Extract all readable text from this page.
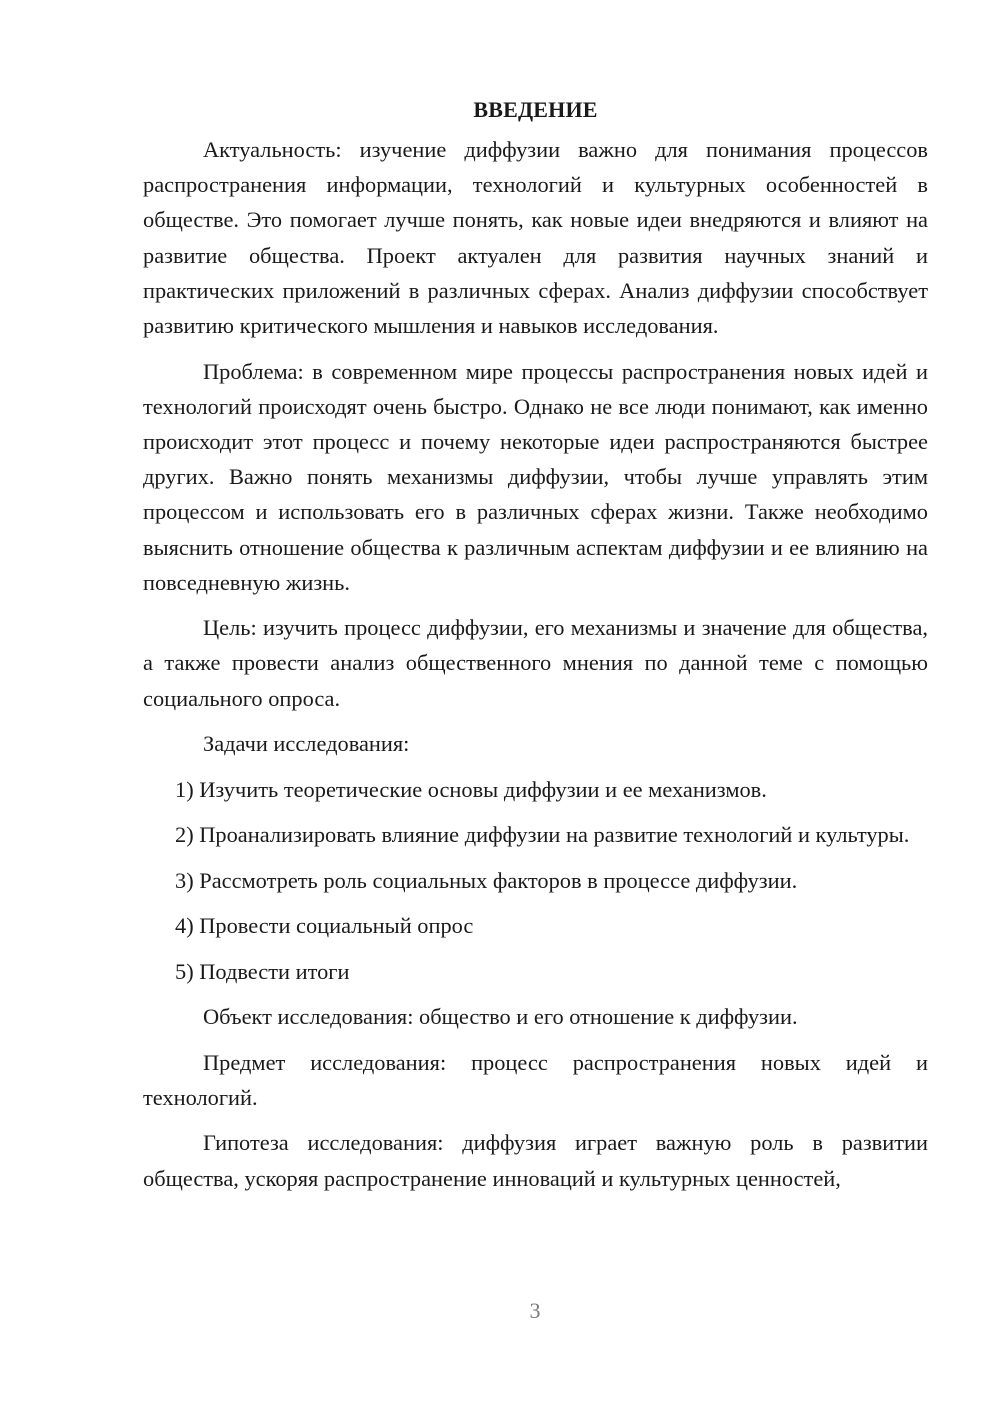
ВВЕДЕНИЕ

Актуальность: изучение диффузии важно для понимания процессов распространения информации, технологий и культурных особенностей в обществе. Это помогает лучше понять, как новые идеи внедряются и влияют на развитие общества. Проект актуален для развития научных знаний и практических приложений в различных сферах. Анализ диффузии способствует развитию критического мышления и навыков исследования.

Проблема: в современном мире процессы распространения новых идей и технологий происходят очень быстро. Однако не все люди понимают, как именно происходит этот процесс и почему некоторые идеи распространяются быстрее других. Важно понять механизмы диффузии, чтобы лучше управлять этим процессом и использовать его в различных сферах жизни. Также необходимо выяснить отношение общества к различным аспектам диффузии и ее влиянию на повседневную жизнь.

Цель: изучить процесс диффузии, его механизмы и значение для общества, а также провести анализ общественного мнения по данной теме с помощью социального опроса.

Задачи исследования:

1) Изучить теоретические основы диффузии и ее механизмов.

2) Проанализировать влияние диффузии на развитие технологий и культуры.

3) Рассмотреть роль социальных факторов в процессе диффузии.

4) Провести социальный опрос

5) Подвести итоги

Объект исследования: общество и его отношение к диффузии.

Предмет исследования: процесс распространения новых идей и технологий.

Гипотеза исследования: диффузия играет важную роль в развитии общества, ускоряя распространение инноваций и культурных ценностей,

3
